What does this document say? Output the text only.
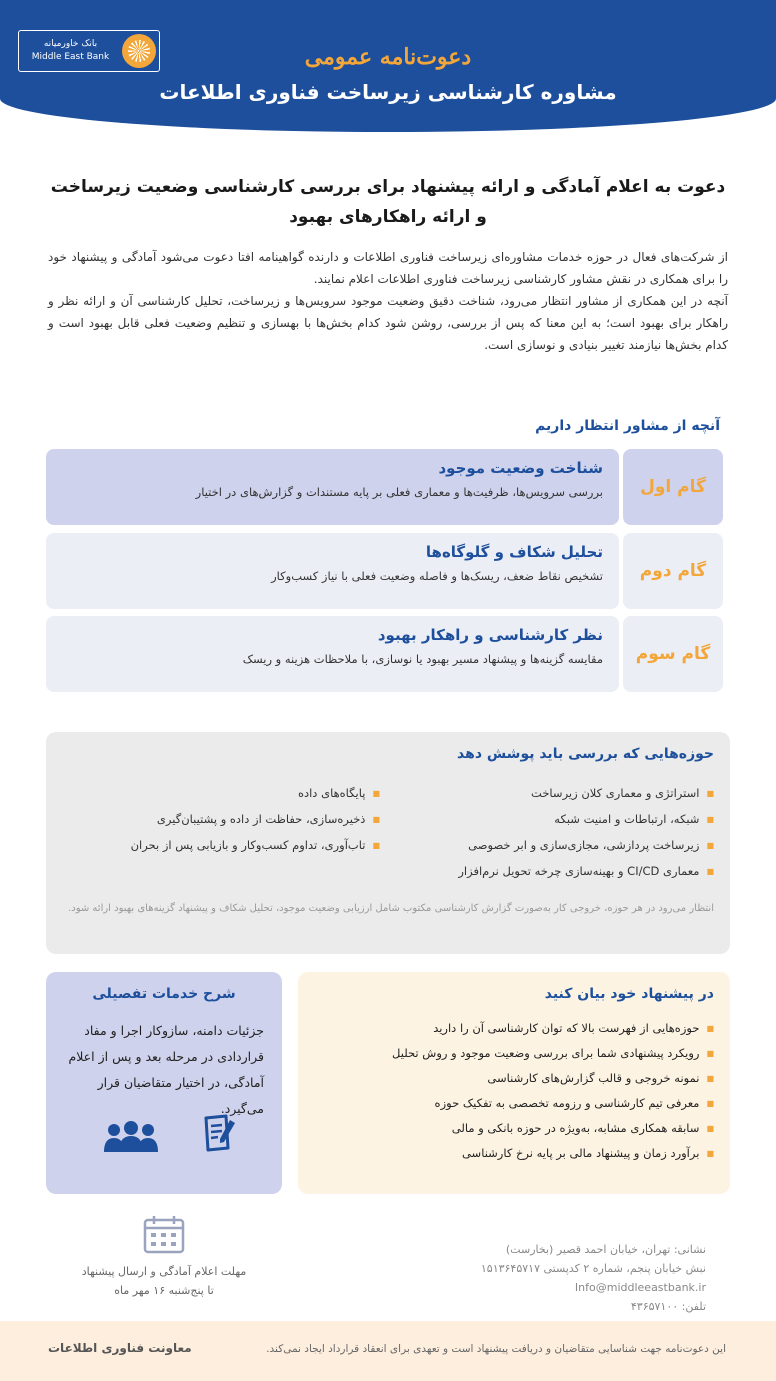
بانک خاورمیانه
Middle East Bank	دعوت‌نامه عمومی
مشاوره کارشناسی زیرساخت فناوری اطلاعات
دعوت به اعلام آمادگی و ارائه پیشنهاد برای بررسی کارشناسی وضعیت زیرساخت
و ارائه راهکارهای بهبود

از شرکت‌های فعال در حوزه خدمات مشاوره‌ای زیرساخت فناوری اطلاعات و دارنده گواهینامه افتا دعوت می‌شود آمادگی و پیشنهاد خود را برای همکاری در نقش مشاور کارشناسی زیرساخت فناوری اطلاعات اعلام نمایند.

آنچه در این همکاری از مشاور انتظار می‌رود، شناخت دقیق وضعیت موجود سرویس‌ها و زیرساخت، تحلیل کارشناسی آن و ارائه نظر و راهکار برای بهبود است؛ به این معنا که پس از بررسی، روشن شود کدام بخش‌ها با بهسازی و تنظیم وضعیت فعلی قابل بهبود است و کدام بخش‌ها نیازمند تغییر بنیادی و نوسازی است.

آنچه از مشاور انتظار داریم
شناخت وضعیت موجود
بررسی سرویس‌ها، ظرفیت‌ها و معماری فعلی بر پایه مستندات و گزارش‌های در اختیار	گام اول
تحلیل شکاف و گلوگاه‌ها
تشخیص نقاط ضعف، ریسک‌ها و فاصله وضعیت فعلی با نیاز کسب‌وکار	گام دوم
نظر کارشناسی و راهکار بهبود
مقایسه گزینه‌ها و پیشنهاد مسیر بهبود یا نوسازی، با ملاحظات هزینه و ریسک	گام سوم
حوزه‌هایی که بررسی باید پوشش دهد
■ استراتژی و معماری کلان زیرساخت
■ شبکه، ارتباطات و امنیت شبکه
■ زیرساخت پردازشی، مجازی‌سازی و ابر خصوصی
■ معماری CI/CD و بهینه‌سازی چرخه تحویل نرم‌افزار
■ پایگاه‌های داده
■ ذخیره‌سازی، حفاظت از داده و پشتیبان‌گیری
■ تاب‌آوری، تداوم کسب‌وکار و بازیابی پس از بحران
انتظار می‌رود در هر حوزه، خروجی کار به‌صورت گزارش کارشناسی مکتوب شامل ارزیابی وضعیت موجود، تحلیل شکاف و پیشنهاد گزینه‌های بهبود ارائه شود.
شرح خدمات تفصیلی
جزئیات دامنه، سازوکار اجرا و مفاد قراردادی در مرحله بعد و پس از اعلام آمادگی، در اختیار متقاضیان قرار می‌گیرد.
در پیشنهاد خود بیان کنید
■ حوزه‌هایی از فهرست بالا که توان کارشناسی آن را دارید
■ رویکرد پیشنهادی شما برای بررسی وضعیت موجود و روش تحلیل
■ نمونه خروجی و قالب گزارش‌های کارشناسی
■ معرفی تیم کارشناسی و رزومه تخصصی به تفکیک حوزه
■ سابقه همکاری مشابه، به‌ویژه در حوزه بانکی و مالی
■ برآورد زمان و پیشنهاد مالی بر پایه نرخ کارشناسی
نشانی: تهران، خیابان احمد قصیر (بخارست)
نبش خیابان پنجم، شماره ۲ کدپستی ۱۵۱۳۶۴۵۷۱۷
Info@middleeastbank.ir
تلفن: ۴۳۶۵۷۱۰۰
مهلت اعلام آمادگی و ارسال پیشنهاد
تا پنج‌شنبه ۱۶ مهر ماه
این دعوت‌نامه جهت شناسایی متقاضیان و دریافت پیشنهاد است و تعهدی برای انعقاد قرارداد ایجاد نمی‌کند.
معاونت فناوری اطلاعات
